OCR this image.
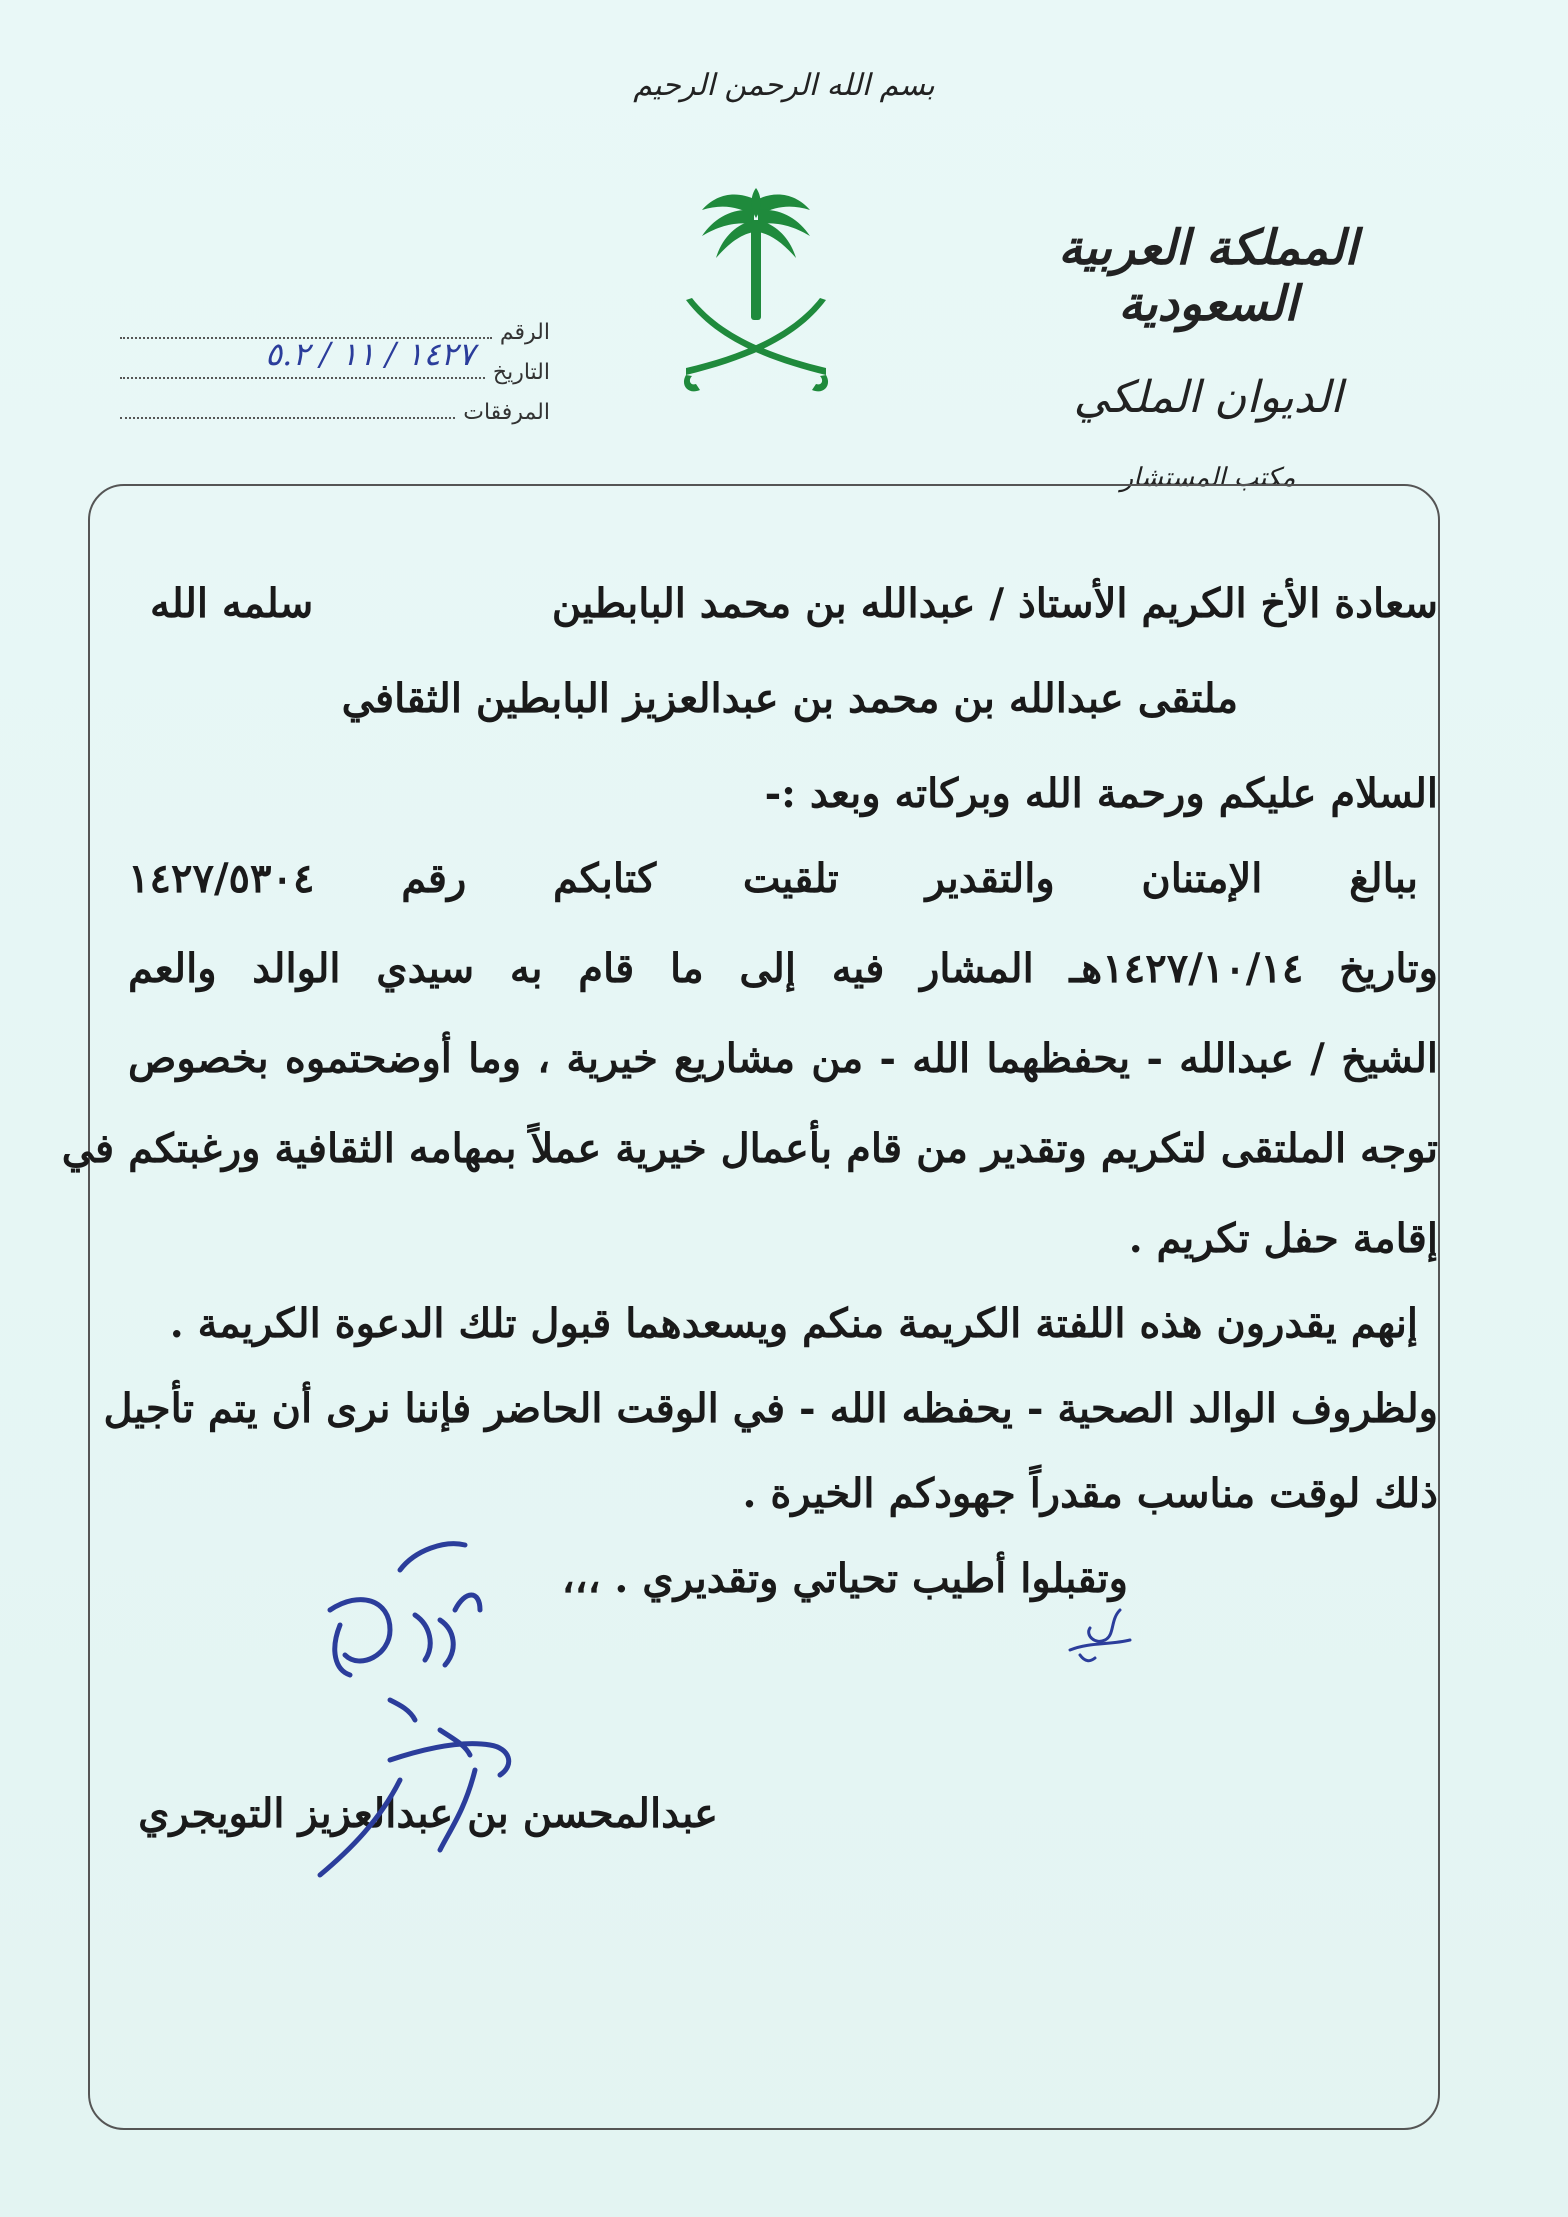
بسم الله الرحمن الرحيم
المملكة العربية السعودية
الديوان الملكي
مكتب المستشار
الرقم
التاريخ
١٤٢٧ / ١١ / ٥.٢
المرفقات
سعادة الأخ الكريم الأستاذ / عبدالله بن محمد البابطين
سلمه الله
ملتقى عبدالله بن محمد بن عبدالعزيز البابطين الثقافي
السلام عليكم ورحمة الله وبركاته وبعد :-
ببالغ الإمتنان والتقدير تلقيت كتابكم رقم ١٤٢٧/٥٣٠٤
وتاريخ ١٤٢٧/١٠/١٤هـ المشار فيه إلى ما قام به سيدي الوالد والعم
الشيخ / عبدالله - يحفظهما الله - من مشاريع خيرية ، وما أوضحتموه بخصوص
توجه الملتقى لتكريم وتقدير من قام بأعمال خيرية عملاً بمهامه الثقافية ورغبتكم في
إقامة حفل تكريم .
إنهم يقدرون هذه اللفتة الكريمة منكم ويسعدهما قبول تلك الدعوة الكريمة .
ولظروف الوالد الصحية - يحفظه الله - في الوقت الحاضر فإننا نرى أن يتم تأجيل
ذلك لوقت مناسب مقدراً جهودكم الخيرة .
وتقبلوا أطيب تحياتي وتقديري . ،،،
عبدالمحسن بن عبدالعزيز التويجري
